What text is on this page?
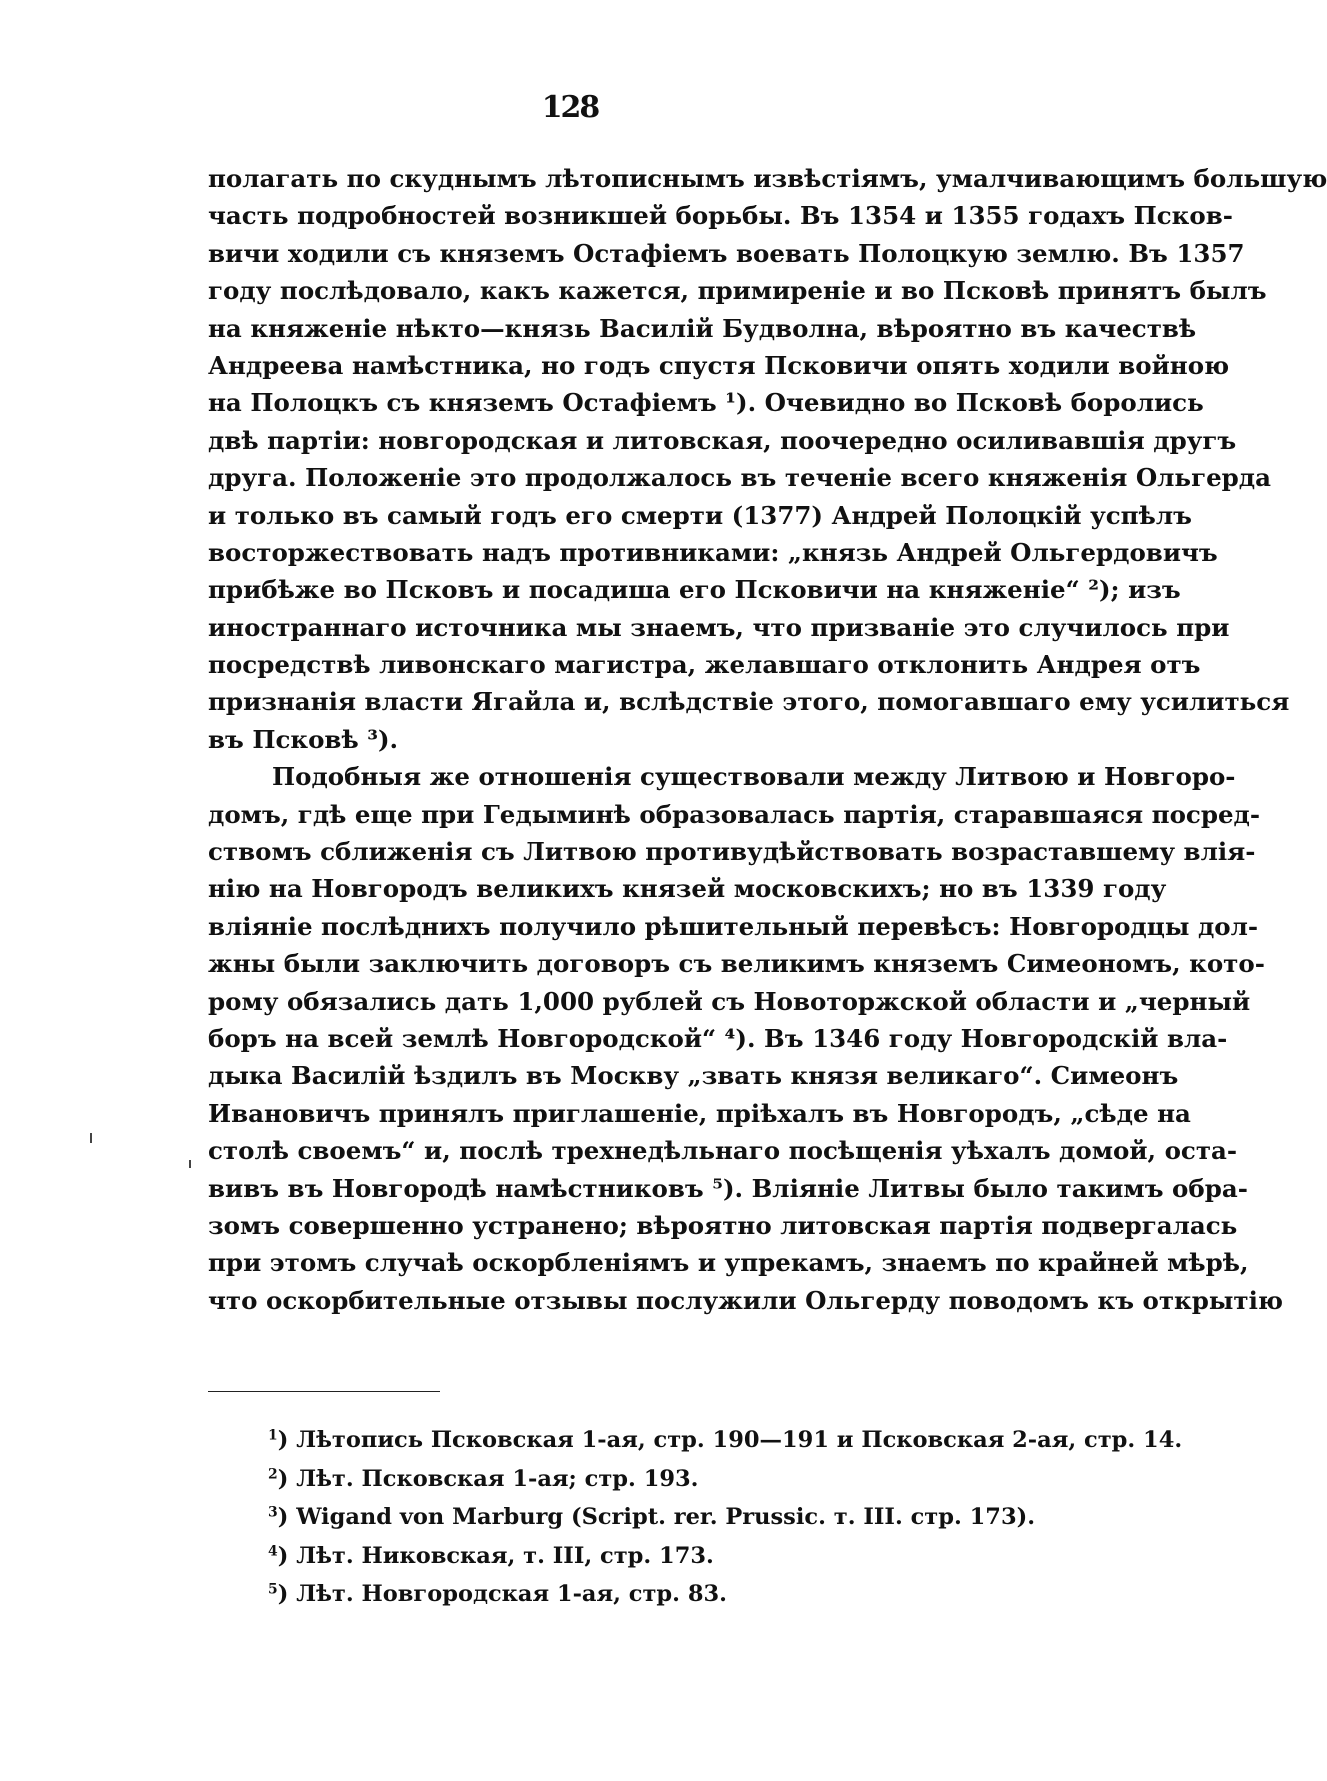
128
полагать по скуднымъ лѣтописнымъ извѣстіямъ, умалчивающимъ большую
часть подробностей возникшей борьбы. Въ 1354 и 1355 годахъ Псков-
вичи ходили съ княземъ Остафіемъ воевать Полоцкую землю. Въ 1357
году послѣдовало, какъ кажется, примиреніе и во Псковѣ принятъ былъ
на княженіе нѣкто—князь Василій Будволна, вѣроятно въ качествѣ
Андреева намѣстника, но годъ спустя Псковичи опять ходили войною
на Полоцкъ съ княземъ Остафіемъ ¹). Очевидно во Псковѣ боролись
двѣ партіи: новгородская и литовская, поочередно осиливавшія другъ
друга. Положеніе это продолжалось въ теченіе всего княженія Ольгерда
и только въ самый годъ его смерти (1377) Андрей Полоцкій успѣлъ
восторжествовать надъ противниками: „князь Андрей Ольгердовичъ
прибѣже во Псковъ и посадиша его Псковичи на княженіе“ ²); изъ
иностраннаго источника мы знаемъ, что призваніе это случилось при
посредствѣ ливонскаго магистра, желавшаго отклонить Андрея отъ
признанія власти Ягайла и, вслѣдствіе этого, помогавшаго ему усилиться
въ Псковѣ ³).
Подобныя же отношенія существовали между Литвою и Новгоро-
домъ, гдѣ еще при Гедыминѣ образовалась партія, старавшаяся посред-
ствомъ сближенія съ Литвою противудѣйствовать возраставшему влія-
нію на Новгородъ великихъ князей московскихъ; но въ 1339 году
вліяніе послѣднихъ получило рѣшительный перевѣсъ: Новгородцы дол-
жны были заключить договоръ съ великимъ княземъ Симеономъ, кото-
рому обязались дать 1,000 рублей съ Новоторжской области и „черный
боръ на всей землѣ Новгородской“ ⁴). Въ 1346 году Новгородскій вла-
дыка Василій ѣздилъ въ Москву „звать князя великаго“. Симеонъ
Ивановичъ принялъ приглашеніе, пріѣхалъ въ Новгородъ, „сѣде на
столѣ своемъ“ и, послѣ трехнедѣльнаго посѣщенія уѣхалъ домой, оста-
вивъ въ Новгородѣ намѣстниковъ ⁵). Вліяніе Литвы было такимъ обра-
зомъ совершенно устранено; вѣроятно литовская партія подвергалась
при этомъ случаѣ оскорбленіямъ и упрекамъ, знаемъ по крайней мѣрѣ,
что оскорбительные отзывы послужили Ольгерду поводомъ къ открытію
$^1$) Лѣтопись Псковская 1-ая, стр. 190—191 и Псковская 2-ая, стр. 14.
$^2$) Лѣт. Псковская 1-ая; стр. 193.
$^3$) Wigand von Marburg (Script. rer. Prussic. т. III. стр. 173).
$^4$) Лѣт. Никовская, т. III, стр. 173.
$^5$) Лѣт. Новгородская 1-ая, стр. 83.
